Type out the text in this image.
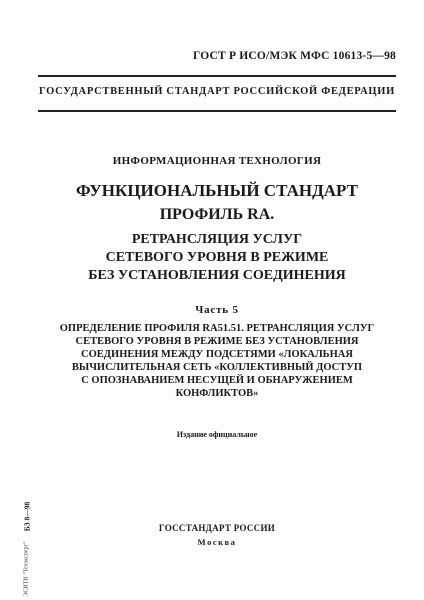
ГОСТ Р ИСО/МЭК МФС 10613-5—98
ГОСУДАРСТВЕННЫЙ СТАНДАРТ РОССИЙСКОЙ ФЕДЕРАЦИИ
ИНФОРМАЦИОННАЯ ТЕХНОЛОГИЯ
ФУНКЦИОНАЛЬНЫЙ СТАНДАРТ
ПРОФИЛЬ RA.
РЕТРАНСЛЯЦИЯ УСЛУГ
СЕТЕВОГО УРОВНЯ В РЕЖИМЕ
БЕЗ УСТАНОВЛЕНИЯ СОЕДИНЕНИЯ
Часть 5
ОПРЕДЕЛЕНИЕ ПРОФИЛЯ RA51.51. РЕТРАНСЛЯЦИЯ УСЛУГ
СЕТЕВОГО УРОВНЯ В РЕЖИМЕ БЕЗ УСТАНОВЛЕНИЯ
СОЕДИНЕНИЯ МЕЖДУ ПОДСЕТЯМИ «ЛОКАЛЬНАЯ
ВЫЧИСЛИТЕЛЬНАЯ СЕТЬ «КОЛЛЕКТИВНЫЙ ДОСТУП
С ОПОЗНАВАНИЕМ НЕСУЩЕЙ И ОБНАРУЖЕНИЕМ
КОНФЛИКТОВ»
Издание официальное
ГОССТАНДАРТ РОССИИ
Москва
БЗ 8—98
ЭСИТИ "Техэксперт"
